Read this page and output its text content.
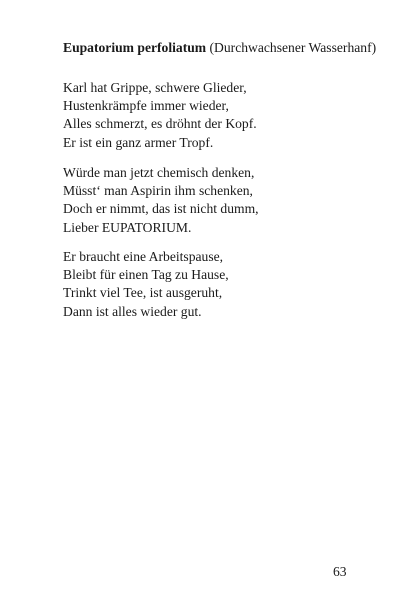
Eupatorium perfoliatum (Durchwachsener Wasserhanf)
Karl hat Grippe, schwere Glieder,
Hustenkrämpfe immer wieder,
Alles schmerzt, es dröhnt der Kopf.
Er ist ein ganz armer Tropf.
Würde man jetzt chemisch denken,
Müsst‘ man Aspirin ihm schenken,
Doch er nimmt, das ist nicht dumm,
Lieber EUPATORIUM.
Er braucht eine Arbeitspause,
Bleibt für einen Tag zu Hause,
Trinkt viel Tee, ist ausgeruht,
Dann ist alles wieder gut.
63
